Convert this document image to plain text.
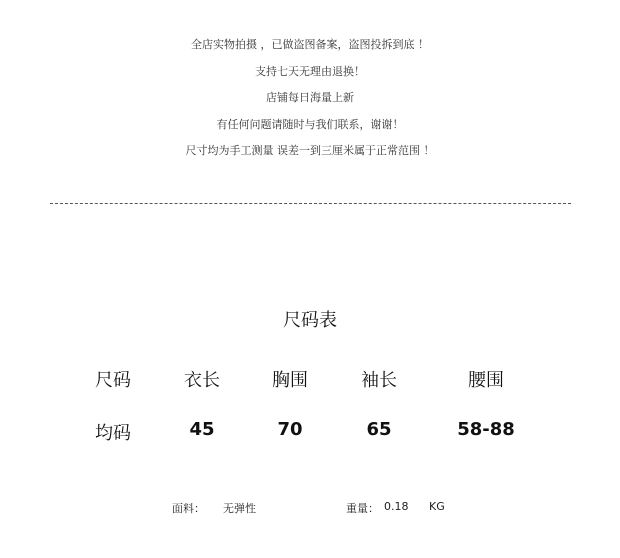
全店实物拍摄 ，已做盗图备案，盗图投拆到底 ！
支持七天无理由退换！
店铺每日海量上新
有任何问题请随时与我们联系，谢谢！
尺寸均为手工测量 误差一到三厘米属于正常范围 ！
尺码表
尺码	衣长	胸围	袖长	腰围
均码	45	70	65	58-88
面料： 无弹性	重量： 0.18 KG
